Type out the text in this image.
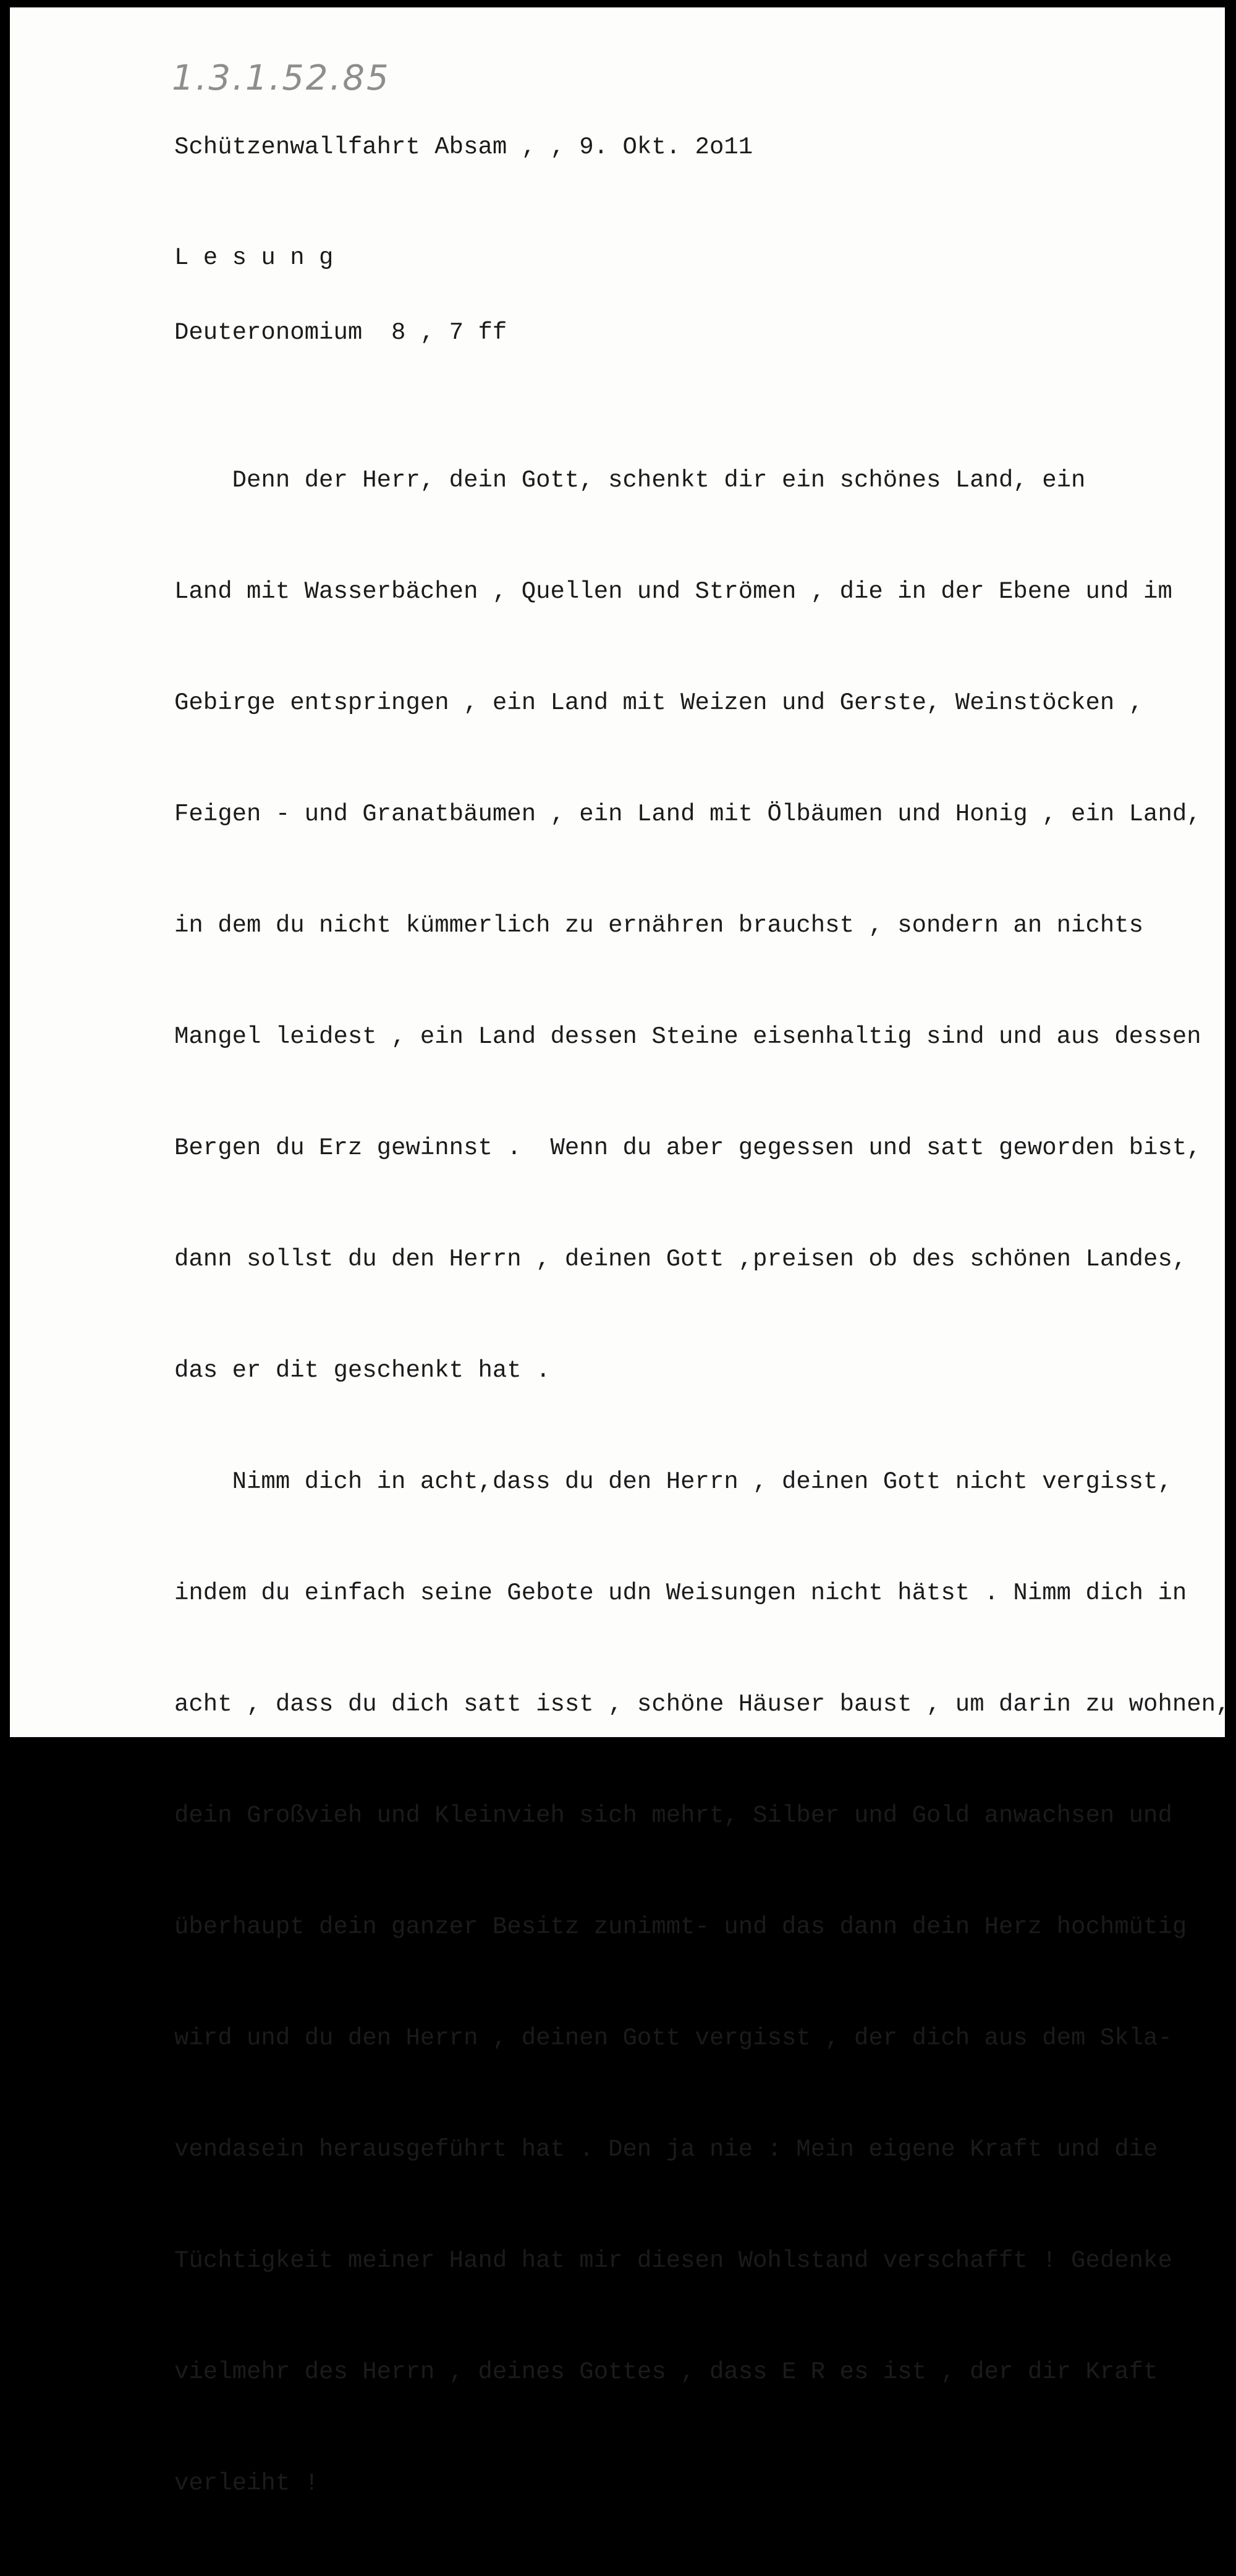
1.3.1.52.85
Schützenwallfahrt Absam , , 9. Okt. 2o11
L e s u n g
Deuteronomium  8 , 7 ff

Denn der Herr, dein Gott, schenkt dir ein schönes Land, ein

Land mit Wasserbächen , Quellen und Strömen , die in der Ebene und im

Gebirge entspringen , ein Land mit Weizen und Gerste, Weinstöcken ,

Feigen - und Granatbäumen , ein Land mit Ölbäumen und Honig , ein Land,

in dem du nicht kümmerlich zu ernähren brauchst , sondern an nichts

Mangel leidest , ein Land dessen Steine eisenhaltig sind und aus dessen

Bergen du Erz gewinnst .  Wenn du aber gegessen und satt geworden bist,

dann sollst du den Herrn , deinen Gott ,preisen ob des schönen Landes,

das er dit geschenkt hat .

Nimm dich in acht,dass du den Herrn , deinen Gott nicht vergisst,

indem du einfach seine Gebote udn Weisungen nicht hätst . Nimm dich in

acht , dass du dich satt isst , schöne Häuser baust , um darin zu wohnen,

dein Großvieh und Kleinvieh sich mehrt, Silber und Gold anwachsen und

überhaupt dein ganzer Besitz zunimmt- und das dann dein Herz hochmütig

wird und du den Herrn , deinen Gott vergisst , der dich aus dem Skla-

vendasein herausgeführt hat . Den ja nie : Mein eigene Kraft und die

Tüchtigkeit meiner Hand hat mir diesen Wohlstand verschafft ! Gedenke

vielmehr des Herrn , deines Gottes , dass E R es ist , der dir Kraft

verleiht !
